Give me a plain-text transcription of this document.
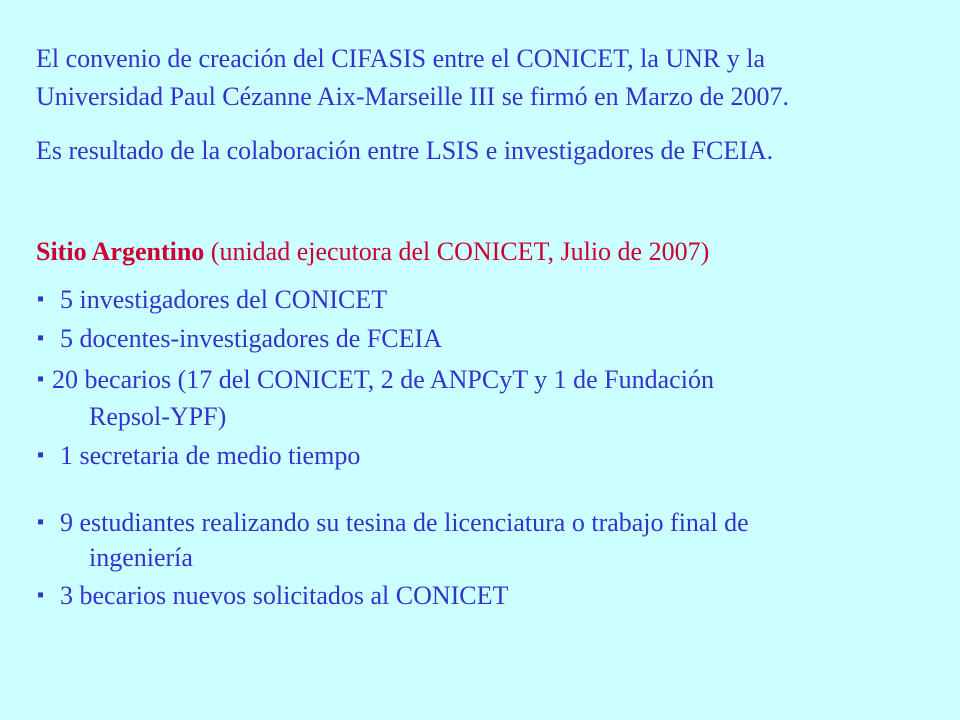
El convenio de creación del CIFASIS entre el CONICET, la UNR y la
Universidad Paul Cézanne Aix-Marseille III se firmó en Marzo de 2007.
Es resultado de la colaboración entre LSIS e investigadores de FCEIA.
Sitio Argentino (unidad ejecutora del CONICET, Julio de 2007)
▪ 5 investigadores del CONICET
▪ 5 docentes-investigadores de FCEIA
▪ 20 becarios (17 del CONICET, 2 de ANPCyT y 1 de Fundación
Repsol-YPF)
▪ 1 secretaria de medio tiempo
▪ 9 estudiantes realizando su tesina de licenciatura o trabajo final de
ingeniería
▪ 3 becarios nuevos solicitados al CONICET
